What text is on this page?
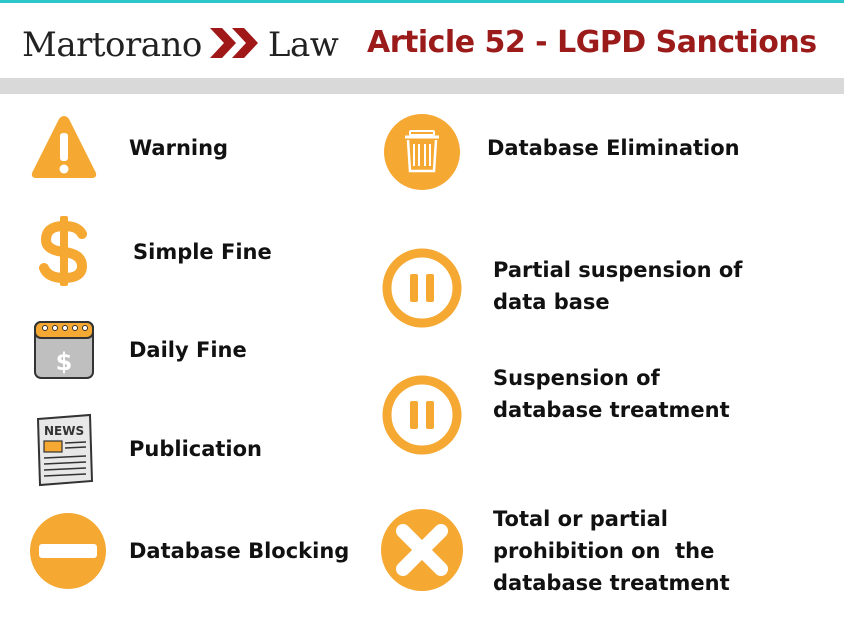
Martorano Law Article 52 - LGPD Sanctions
Warning
Simple Fine
$	Daily Fine
NEWS
Publication
Database Blocking
Database Elimination
Partial suspension of
data base
Suspension of
database treatment
Total or partial
prohibition on  the
database treatment
